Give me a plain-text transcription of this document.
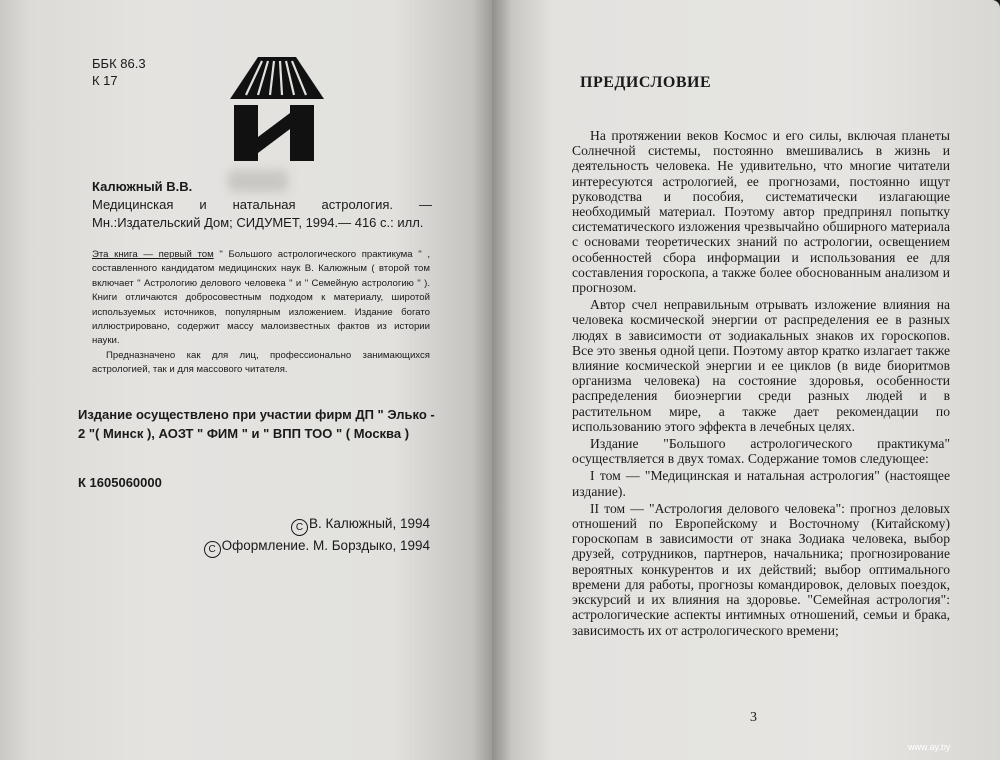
ББК 86.3
К 17
Калюжный В.В.
Медицинская и натальная астрология. — Мн.:Издательский Дом; СИДУМЕТ, 1994.— 416 с.: илл.

Эта книга — первый том " Большого астрологического практикума " , составленного кандидатом медицинских наук В. Калюжным ( второй том включает " Астрологию делового человека " и " Семейную астрологию " ). Книги отличаются добросовестным подходом к материалу, широтой используемых источников, популярным изложением. Издание богато иллюстрировано, содержит массу малоизвестных фактов из истории науки.

Предназначено как для лиц, профессионально занимающихся астрологией, так и для массового читателя.

Издание осуществлено при участии фирм ДП " Элько - 2 "( Минск ), АОЗТ " ФИМ " и " ВПП ТОО " ( Москва )
К 1605060000
C В. Калюжный, 1994
C Оформление. М. Борздыко, 1994
ПРЕДИСЛОВИЕ

На протяжении веков Космос и его силы, включая планеты Солнечной системы, постоянно вмешивались в жизнь и деятельность человека. Не удивительно, что многие читатели интересуются астрологией, ее прогнозами, постоянно ищут руководства и пособия, систематически излагающие необходимый материал. Поэтому автор предпринял попытку систематического изложения чрезвычайно обширного материала с основами теоретических знаний по астрологии, освещением особенностей сбора информации и использования ее для составления гороскопа, а также более обоснованным анализом и прогнозом.

Автор счел неправильным отрывать изложение влияния на человека космической энергии от распределения ее в разных людях в зависимости от зодиакальных знаков их гороскопов. Все это звенья одной цепи. Поэтому автор кратко излагает также влияние космической энергии и ее циклов (в виде биоритмов организма человека) на состояние здоровья, особенности распределения биоэнергии среди разных людей и в растительном мире, а также дает рекомендации по использованию этого эффекта в лечебных целях.

Издание "Большого астрологического практикума" осуществляется в двух томах. Содержание томов следующее:

I том — "Медицинская и натальная астрология" (настоящее издание).

II том — "Астрология делового человека": прогноз деловых отношений по Европейскому и Восточному (Китайскому) гороскопам в зависимости от знака Зодиака человека, выбор друзей, сотрудников, партнеров, начальника; прогнозирование вероятных конкурентов и их действий; выбор оптимального времени для работы, прогнозы командировок, деловых поездок, экскурсий и их влияния на здоровье. "Семейная астрология": астрологические аспекты интимных отношений, семьи и брака, зависимость их от астрологического времени;

3
www.ay.by
